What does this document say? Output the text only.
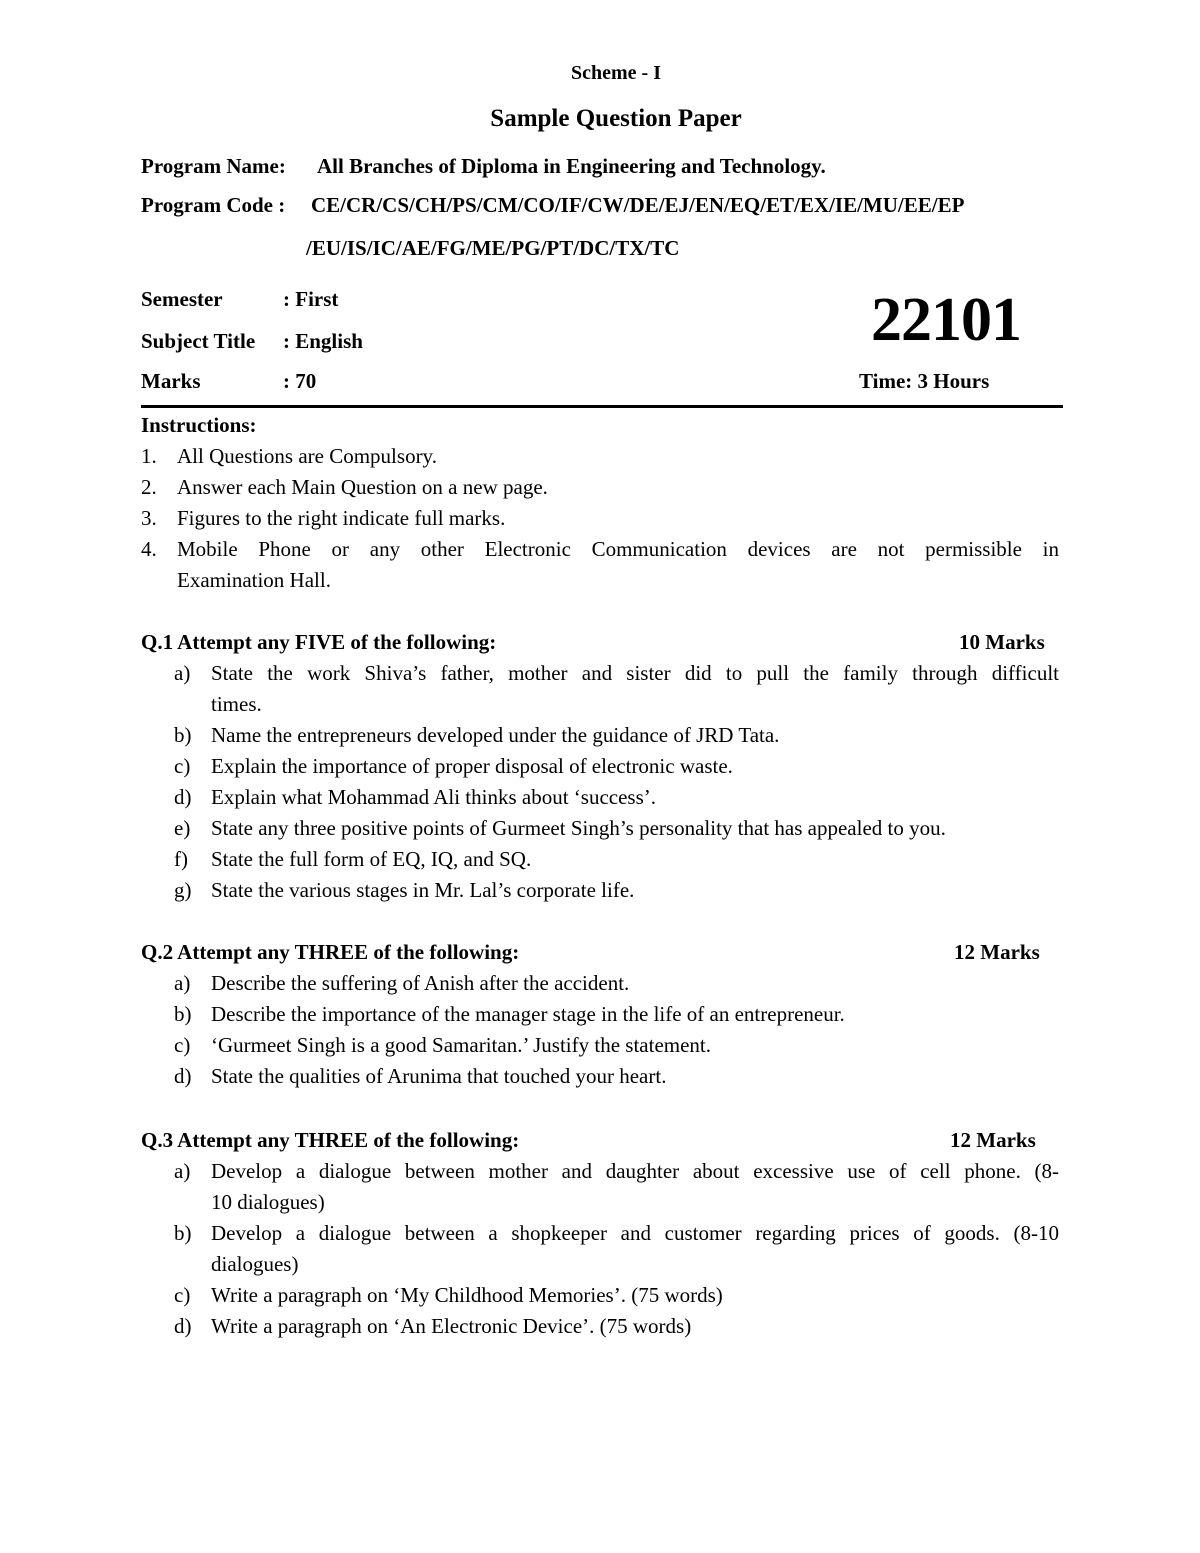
Scheme - I
Sample Question Paper
Program Name: All Branches of Diploma in Engineering and Technology.
Program Code : CE/CR/CS/CH/PS/CM/CO/IF/CW/DE/EJ/EN/EQ/ET/EX/IE/MU/EE/EP
/EU/IS/IC/AE/FG/ME/PG/PT/DC/TX/TC
Semester	: First
Subject Title : English	22101
Marks	: 70	Time: 3 Hours
Instructions:
1. All Questions are Compulsory.
2. Answer each Main Question on a new page.
3. Figures to the right indicate full marks.
4. Mobile Phone or any other Electronic Communication devices are not permissible in
Examination Hall.
Q.1 Attempt any FIVE of the following:	10 Marks
a) State the work Shiva’s father, mother and sister did to pull the family through difficult
times.
b) Name the entrepreneurs developed under the guidance of JRD Tata.
c) Explain the importance of proper disposal of electronic waste.
d) Explain what Mohammad Ali thinks about ‘success’.
e) State any three positive points of Gurmeet Singh’s personality that has appealed to you.
f) State the full form of EQ, IQ, and SQ.
g) State the various stages in Mr. Lal’s corporate life.
Q.2 Attempt any THREE of the following:	12 Marks
a) Describe the suffering of Anish after the accident.
b) Describe the importance of the manager stage in the life of an entrepreneur.
c) ‘Gurmeet Singh is a good Samaritan.’ Justify the statement.
d) State the qualities of Arunima that touched your heart.
Q.3 Attempt any THREE of the following:	12 Marks
a) Develop a dialogue between mother and daughter about excessive use of cell phone. (8-
10 dialogues)
b) Develop a dialogue between a shopkeeper and customer regarding prices of goods. (8-10
dialogues)
c) Write a paragraph on ‘My Childhood Memories’. (75 words)
d) Write a paragraph on ‘An Electronic Device’. (75 words)
